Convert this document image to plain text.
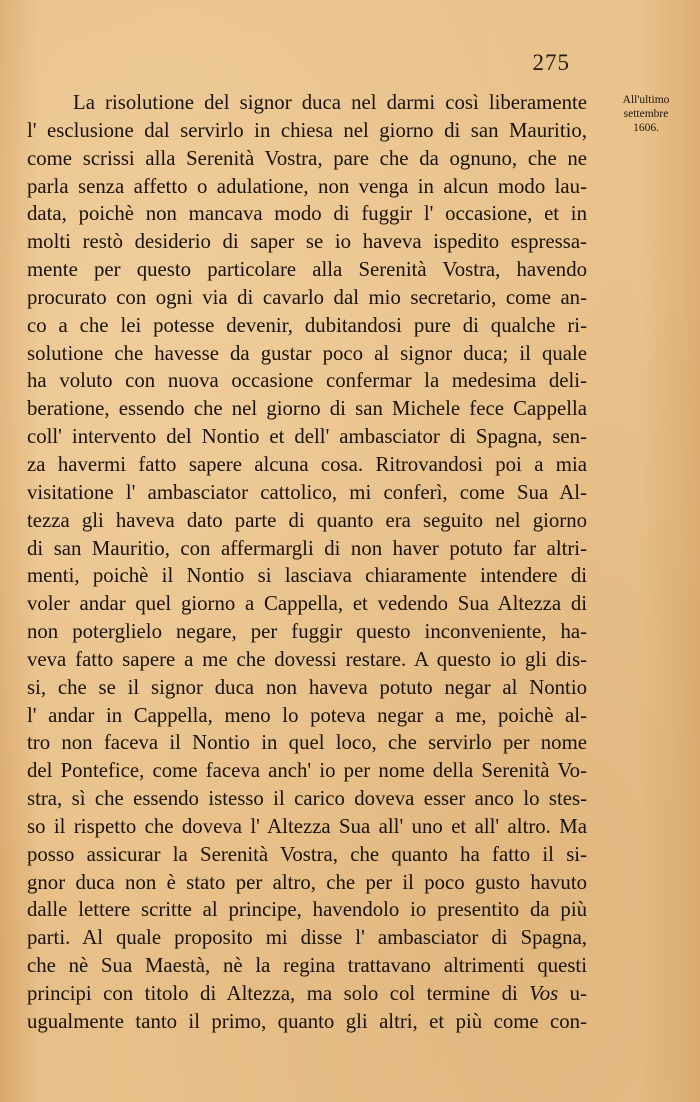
275
All'ultimo
settembre
1606.
La risolutione del signor duca nel darmi così liberamente
l' esclusione dal servirlo in chiesa nel giorno di san Mauritio,
come scrissi alla Serenità Vostra, pare che da ognuno, che ne
parla senza affetto o adulatione, non venga in alcun modo lau-
data, poichè non mancava modo di fuggir l' occasione, et in
molti restò desiderio di saper se io haveva ispedito espressa-
mente per questo particolare alla Serenità Vostra, havendo
procurato con ogni via di cavarlo dal mio secretario, come an-
co a che lei potesse devenir, dubitandosi pure di qualche ri-
solutione che havesse da gustar poco al signor duca; il quale
ha voluto con nuova occasione confermar la medesima deli-
beratione, essendo che nel giorno di san Michele fece Cappella
coll' intervento del Nontio et dell' ambasciator di Spagna, sen-
za havermi fatto sapere alcuna cosa. Ritrovandosi poi a mia
visitatione l' ambasciator cattolico, mi conferì, come Sua Al-
tezza gli haveva dato parte di quanto era seguito nel giorno
di san Mauritio, con affermargli di non haver potuto far altri-
menti, poichè il Nontio si lasciava chiaramente intendere di
voler andar quel giorno a Cappella, et vedendo Sua Altezza di
non poterglielo negare, per fuggir questo inconveniente, ha-
veva fatto sapere a me che dovessi restare. A questo io gli dis-
si, che se il signor duca non haveva potuto negar al Nontio
l' andar in Cappella, meno lo poteva negar a me, poichè al-
tro non faceva il Nontio in quel loco, che servirlo per nome
del Pontefice, come faceva anch' io per nome della Serenità Vo-
stra, sì che essendo istesso il carico doveva esser anco lo stes-
so il rispetto che doveva l' Altezza Sua all' uno et all' altro. Ma
posso assicurar la Serenità Vostra, che quanto ha fatto il si-
gnor duca non è stato per altro, che per il poco gusto havuto
dalle lettere scritte al principe, havendolo io presentito da più
parti. Al quale proposito mi disse l' ambasciator di Spagna,
che nè Sua Maestà, nè la regina trattavano altrimenti questi
principi con titolo di Altezza, ma solo col termine di Vos u-
ugualmente tanto il primo, quanto gli altri, et più come con-
